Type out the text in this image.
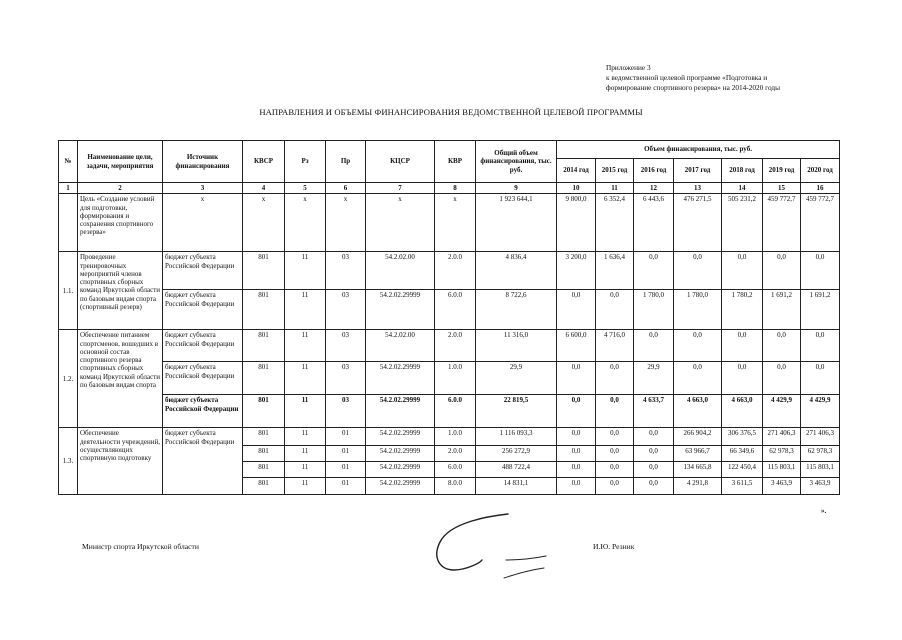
Приложение 3
к ведомственной целевой программе «Подготовка и
формирование спортивного резерва» на 2014-2020 годы
НАПРАВЛЕНИЯ И ОБЪЕМЫ ФИНАНСИРОВАНИЯ ВЕДОМСТВЕННОЙ ЦЕЛЕВОЙ ПРОГРАММЫ
№	Наименование цели, задачи, мероприятия	Источник финансирования	КВСР	Рз	Пр	КЦСР	КВР	Общий объем финансирования, тыс. руб.	Объем финансирования, тыс. руб.						
									2014 год	2015 год	2016 год	2017 год	2018 год	2019 год	2020 год
1	2	3	4	5	6	7	8	9	10	11	12	13	14	15	16
	Цель «Создание условий для подготовки, формирования и сохранения спортивного резерва»	x	x	x	x	x	x	1 923 644,1	9 800,0	6 352,4	6 443,6	476 271,5	505 231,2	459 772,7	459 772,7
1.1.	Проведение тренировочных мероприятий членов спортивных сборных команд Иркутской области по базовым видам спорта (спортивный резерв)	бюджет субъекта Российской Федерации	801	11	03	54.2.02.00	2.0.0	4 836,4	3 200,0	1 636,4	0,0	0,0	0,0	0,0	0,0
		бюджет субъекта Российской Федерации	801	11	03	54.2.02.29999	6.0.0	8 722,6	0,0	0,0	1 780,0	1 780,0	1 780,2	1 691,2	1 691,2
1.2.	Обеспечение питанием спортсменов, вошедших в основной состав спортивного резерва спортивных сборных команд Иркутской области по базовым видам спорта	бюджет субъекта Российской Федерации	801	11	03	54.2.02.00	2.0.0	11 316,0	6 600,0	4 716,0	0,0	0,0	0,0	0,0	0,0
		бюджет субъекта Российской Федерации	801	11	03	54.2.02.29999	1.0.0	29,9	0,0	0,0	29,9	0,0	0,0	0,0	0,0
		бюджет субъекта Российской Федерации	801	11	03	54.2.02.29999	6.0.0	22 819,5	0,0	0,0	4 633,7	4 663,0	4 663,0	4 429,9	4 429,9
1.3.	Обеспечение деятельности учреждений, осуществляющих спортивную подготовку	бюджет субъекта Российской Федерации	801	11	01	54.2.02.29999	1.0.0	1 116 093,3	0,0	0,0	0,0	266 904,2	306 376,5	271 406,3	271 406,3
			801	11	01	54.2.02.29999	2.0.0	256 272,9	0,0	0,0	0,0	63 966,7	66 349,6	62 978,3	62 978,3
			801	11	01	54.2.02.29999	6.0.0	488 722,4	0,0	0,0	0,0	134 665,8	122 450,4	115 803,1	115 803,1
			801	11	01	54.2.02.29999	8.0.0	14 831,1	0,0	0,0	0,0	4 291,8	3 611,5	3 463,9	3 463,9
».
Министр спорта Иркутской области	И.Ю. Резник
